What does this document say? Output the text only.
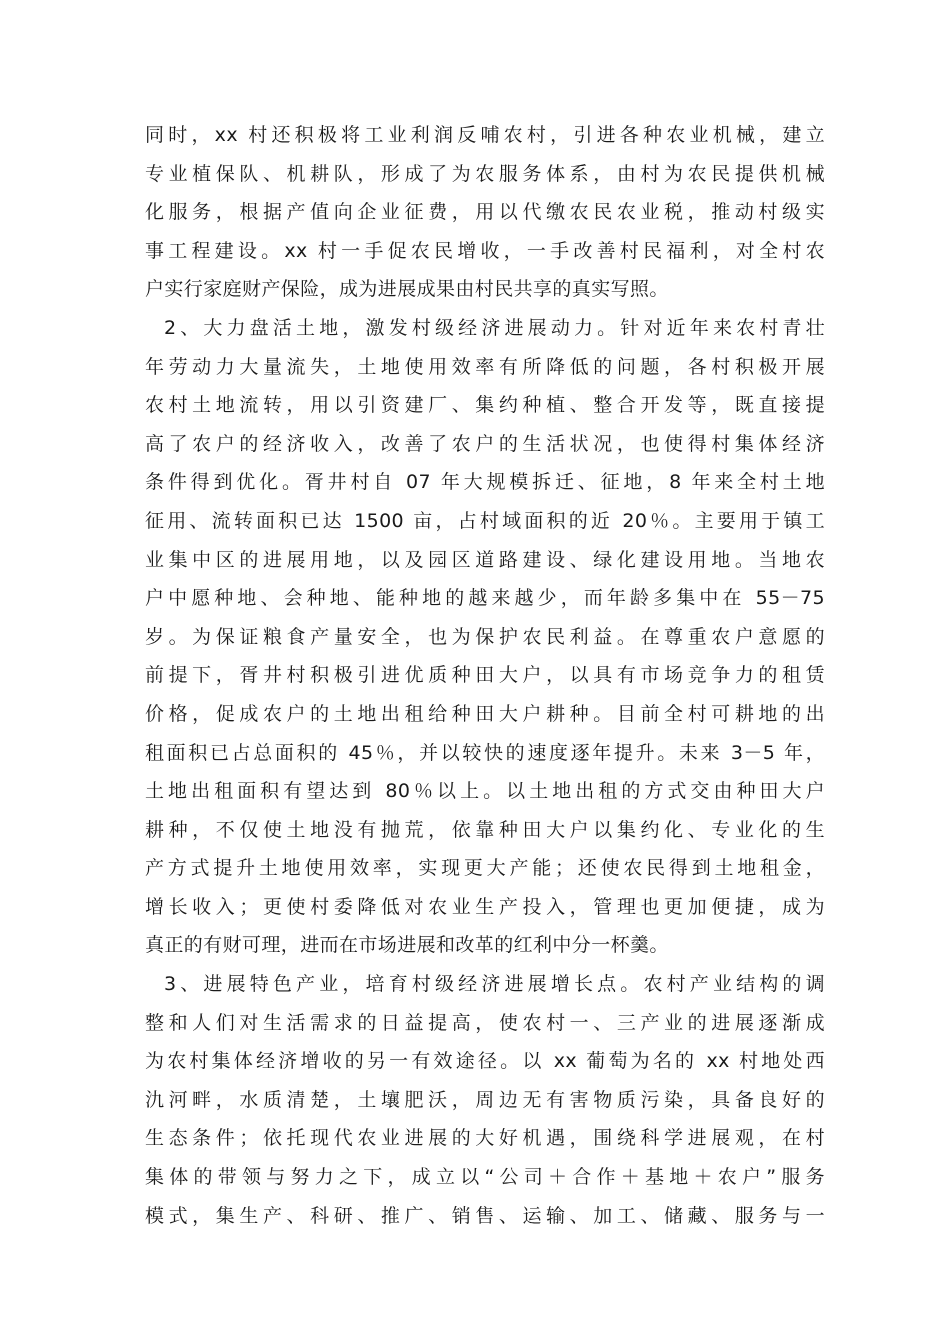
同时，xx 村还积极将工业利润反哺农村，引进各种农业机械，建立
专业植保队、机耕队，形成了为农服务体系，由村为农民提供机械
化服务，根据产值向企业征费，用以代缴农民农业税，推动村级实
事工程建设。xx 村一手促农民增收，一手改善村民福利，对全村农
户实行家庭财产保险，成为进展成果由村民共享的真实写照。
2、大力盘活土地，激发村级经济进展动力。针对近年来农村青壮
年劳动力大量流失，土地使用效率有所降低的问题，各村积极开展
农村土地流转，用以引资建厂、集约种植、整合开发等，既直接提
高了农户的经济收入，改善了农户的生活状况，也使得村集体经济
条件得到优化。胥井村自 07 年大规模拆迁、征地，8 年来全村土地
征用、流转面积已达 1500 亩，占村域面积的近 20％。主要用于镇工
业集中区的进展用地，以及园区道路建设、绿化建设用地。当地农
户中愿种地、会种地、能种地的越来越少，而年龄多集中在 55－75
岁。为保证粮食产量安全，也为保护农民利益。在尊重农户意愿的
前提下，胥井村积极引进优质种田大户，以具有市场竞争力的租赁
价格，促成农户的土地出租给种田大户耕种。目前全村可耕地的出
租面积已占总面积的 45％，并以较快的速度逐年提升。未来 3－5 年，
土地出租面积有望达到 80％以上。以土地出租的方式交由种田大户
耕种，不仅使土地没有抛荒，依靠种田大户以集约化、专业化的生
产方式提升土地使用效率，实现更大产能；还使农民得到土地租金，
增长收入；更使村委降低对农业生产投入，管理也更加便捷，成为
真正的有财可理，进而在市场进展和改革的红利中分一杯羹。
3、进展特色产业，培育村级经济进展增长点。农村产业结构的调
整和人们对生活需求的日益提高，使农村一、三产业的进展逐渐成
为农村集体经济增收的另一有效途径。以 xx 葡萄为名的 xx 村地处西
氿河畔，水质清楚，土壤肥沃，周边无有害物质污染，具备良好的
生态条件；依托现代农业进展的大好机遇，围绕科学进展观，在村
集体的带领与努力之下，成立以“公司＋合作＋基地＋农户”服务
模式，集生产、科研、推广、销售、运输、加工、储藏、服务与一
